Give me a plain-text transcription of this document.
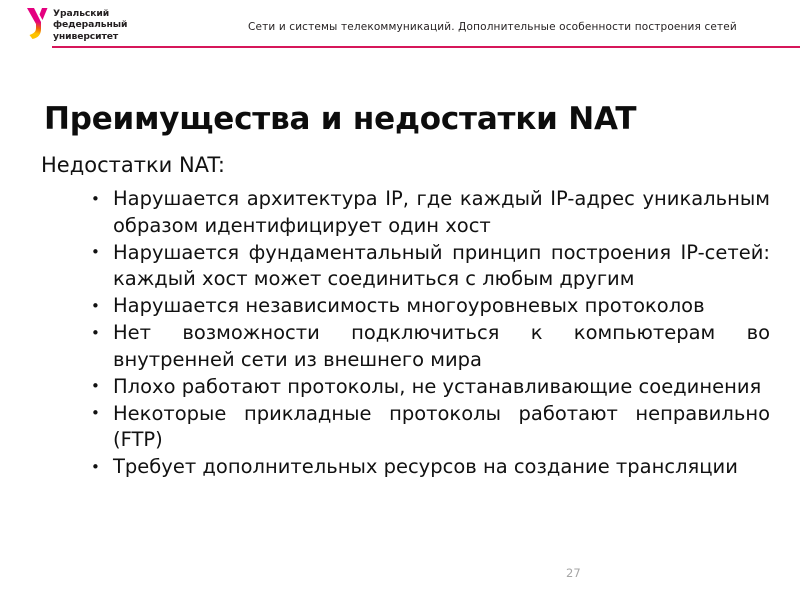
Уральский
федеральный
университет
Сети и системы телекоммуникаций. Дополнительные особенности построения сетей
Преимущества и недостатки NAT
Недостатки NAT:
• Нарушается архитектура IP, где каждый IP-адрес уникальным образом идентифицирует один хост
• Нарушается фундаментальный принцип построения IP-сетей: каждый хост может соединиться с любым другим
• Нарушается независимость многоуровневых протоколов
• Нет возможности подключиться к компьютерам во внутренней сети из внешнего мира
• Плохо работают протоколы, не устанавливающие соединения
• Некоторые прикладные протоколы работают неправильно (FTP)
• Требует дополнительных ресурсов на создание трансляции
27
